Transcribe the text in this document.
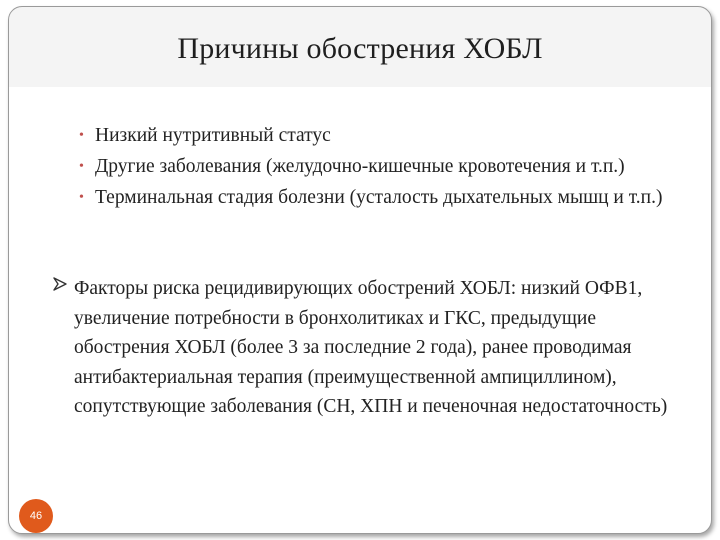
Причины обострения ХОБЛ
• Низкий нутритивный статус
• Другие заболевания (желудочно-кишечные кровотечения и т.п.)
• Терминальная стадия болезни (усталость дыхательных мышц и т.п.)
Факторы риска рецидивирующих обострений ХОБЛ: низкий ОФВ1, увеличение потребности в бронхолитиках и ГКС, предыдущие обострения ХОБЛ (более 3 за последние 2 года), ранее проводимая антибактериальная терапия (преимущественной ампициллином), сопутствующие заболевания (СН, ХПН и печеночная недостаточность)
46
